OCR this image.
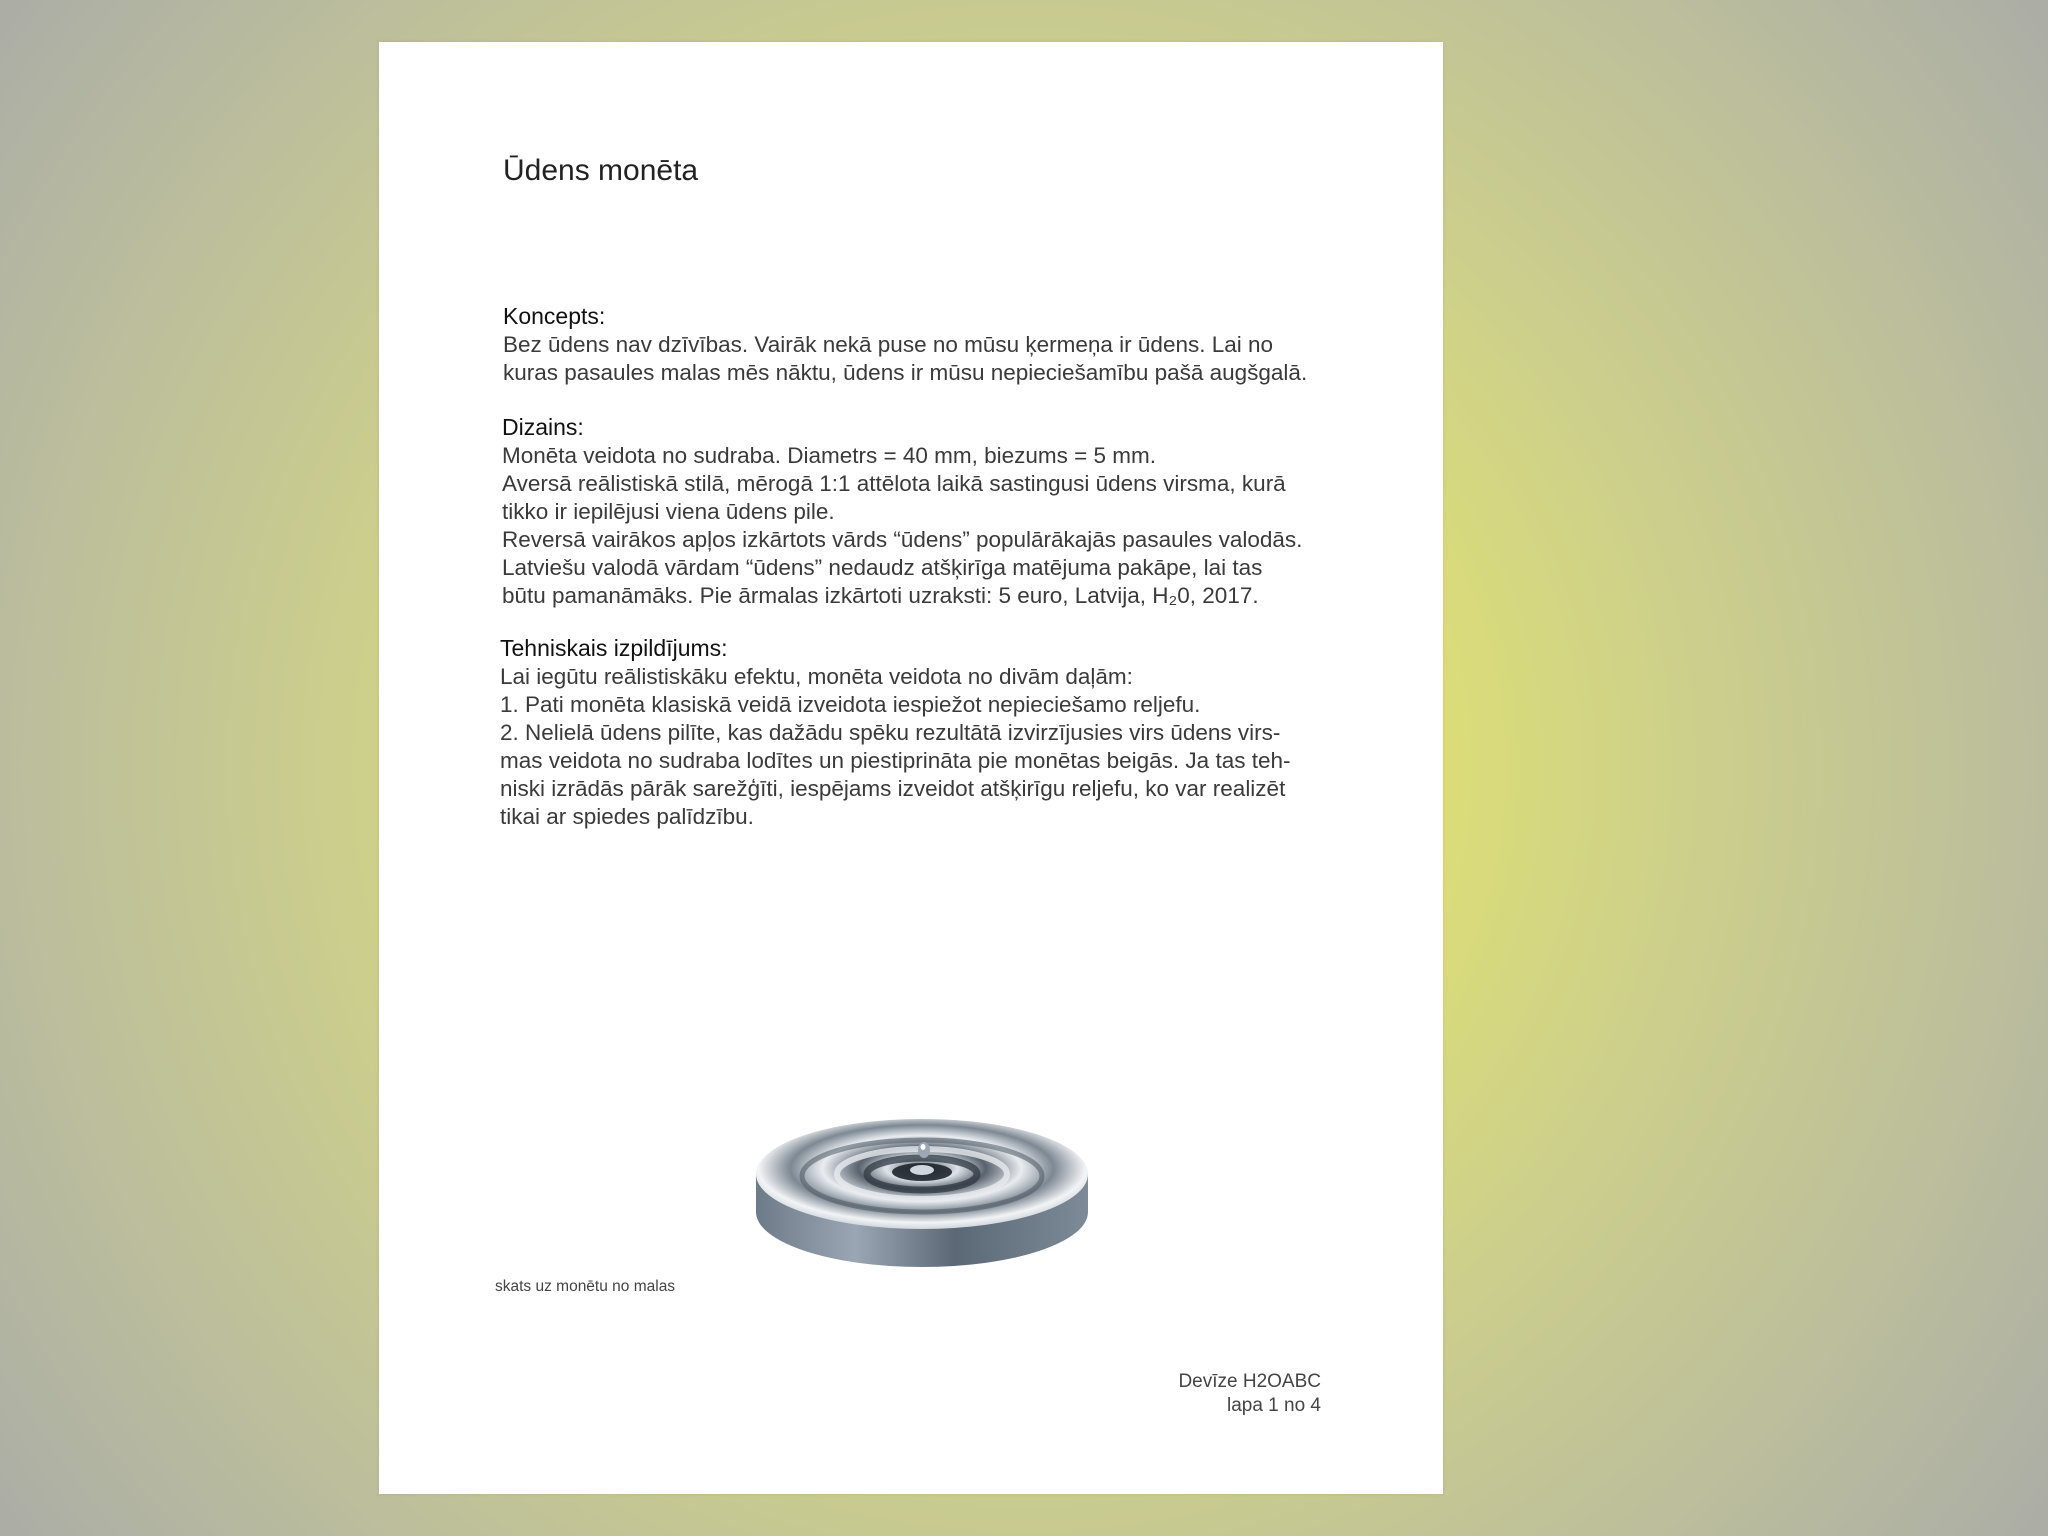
Ūdens monēta

Koncepts:

Bez ūdens nav dzīvības. Vairāk nekā puse no mūsu ķermeņa ir ūdens. Lai no

kuras pasaules malas mēs nāktu, ūdens ir mūsu nepieciešamību pašā augšgalā.

Dizains:

Monēta veidota no sudraba. Diametrs = 40 mm, biezums = 5 mm.

Aversā reālistiskā stilā, mērogā 1:1 attēlota laikā sastingusi ūdens virsma, kurā

tikko ir iepilējusi viena ūdens pile.

Reversā vairākos apļos izkārtots vārds “ūdens” populārākajās pasaules valodās.

Latviešu valodā vārdam “ūdens” nedaudz atšķirīga matējuma pakāpe, lai tas

būtu pamanāmāks. Pie ārmalas izkārtoti uzraksti: 5 euro, Latvija, H₂0, 2017.

Tehniskais izpildījums:

Lai iegūtu reālistiskāku efektu, monēta veidota no divām daļām:

1. Pati monēta klasiskā veidā izveidota iespiežot nepieciešamo reljefu.

2. Nelielā ūdens pilīte, kas dažādu spēku rezultātā izvirzījusies virs ūdens virs-

mas veidota no sudraba lodītes un piestiprināta pie monētas beigās. Ja tas teh-

niski izrādās pārāk sarežģīti, iespējams izveidot atšķirīgu reljefu, ko var realizēt

tikai ar spiedes palīdzību.

skats uz monētu no malas
Devīze H2OABC
lapa 1 no 4
